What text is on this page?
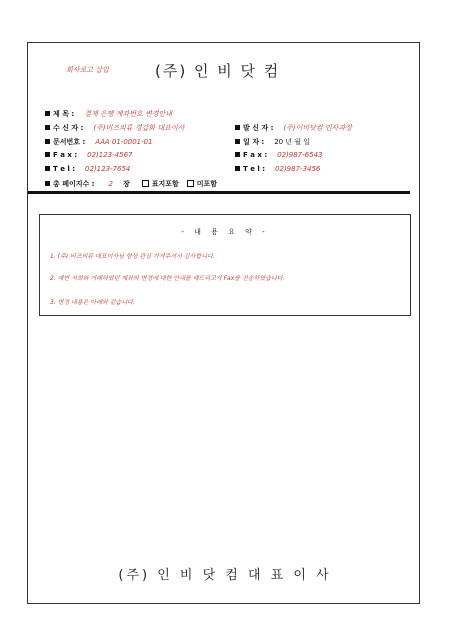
회사로고 삽입	(주) 인 비 닷 컴
제 목 : 결제 은행 계좌번호 변경안내
수 신 자 : (주)비즈의류 경갑화 대표이사	발 신 자 : (주)이비닷컴 인사과장
문서번호 : AAA 01-0001-01	일 자 : 20 년 월 일
F a x : 02)123-4567	F a x : 02)987-6543
T e l : 02)123-7654	T e l : 02)987-3456
총 페이지수 : 2 장	표지포함	미포함
- 내 용 요 약 -
1. (주) 비즈의류 대표이사님 항상 관심 가져주셔서 감사합니다.
2. 예번 저희와 거래하였던 계좌의 변경에 대한 안내를 해드리고자 Fax를 전송하였습니다.
3. 변경 내용은 아래와 같습니다.
(주) 인 비 닷 컴 대 표 이 사
